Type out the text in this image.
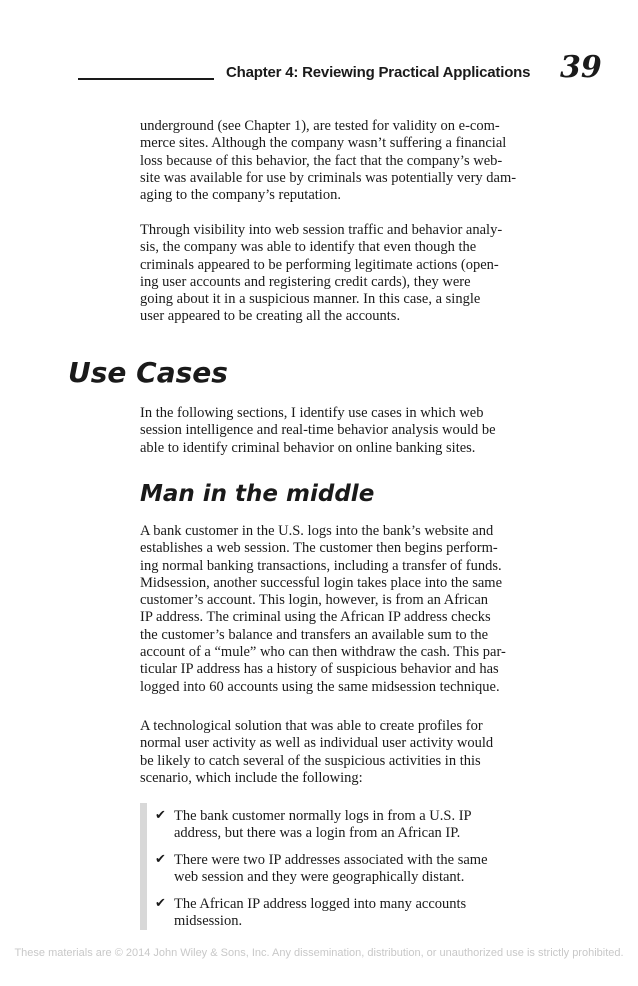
Chapter 4: Reviewing Practical Applications 39
underground (see Chapter 1), are tested for validity on e-com-
merce sites. Although the company wasn’t suffering a financial
loss because of this behavior, the fact that the company’s web-
site was available for use by criminals was potentially very dam-
aging to the company’s reputation.
Through visibility into web session traffic and behavior analy-
sis, the company was able to identify that even though the
criminals appeared to be performing legitimate actions (open-
ing user accounts and registering credit cards), they were
going about it in a suspicious manner. In this case, a single
user appeared to be creating all the accounts.
Use Cases
In the following sections, I identify use cases in which web
session intelligence and real-time behavior analysis would be
able to identify criminal behavior on online banking sites.
Man in the middle
A bank customer in the U.S. logs into the bank’s website and
establishes a web session. The customer then begins perform-
ing normal banking transactions, including a transfer of funds.
Midsession, another successful login takes place into the same
customer’s account. This login, however, is from an African
IP address. The criminal using the African IP address checks
the customer’s balance and transfers an available sum to the
account of a “mule” who can then withdraw the cash. This par-
ticular IP address has a history of suspicious behavior and has
logged into 60 accounts using the same midsession technique.
A technological solution that was able to create profiles for
normal user activity as well as individual user activity would
be likely to catch several of the suspicious activities in this
scenario, which include the following:
✔ The bank customer normally logs in from a U.S. IP
address, but there was a login from an African IP.
✔ There were two IP addresses associated with the same
web session and they were geographically distant.
✔ The African IP address logged into many accounts
midsession.
These materials are © 2014 John Wiley & Sons, Inc. Any dissemination, distribution, or unauthorized use is strictly prohibited.
